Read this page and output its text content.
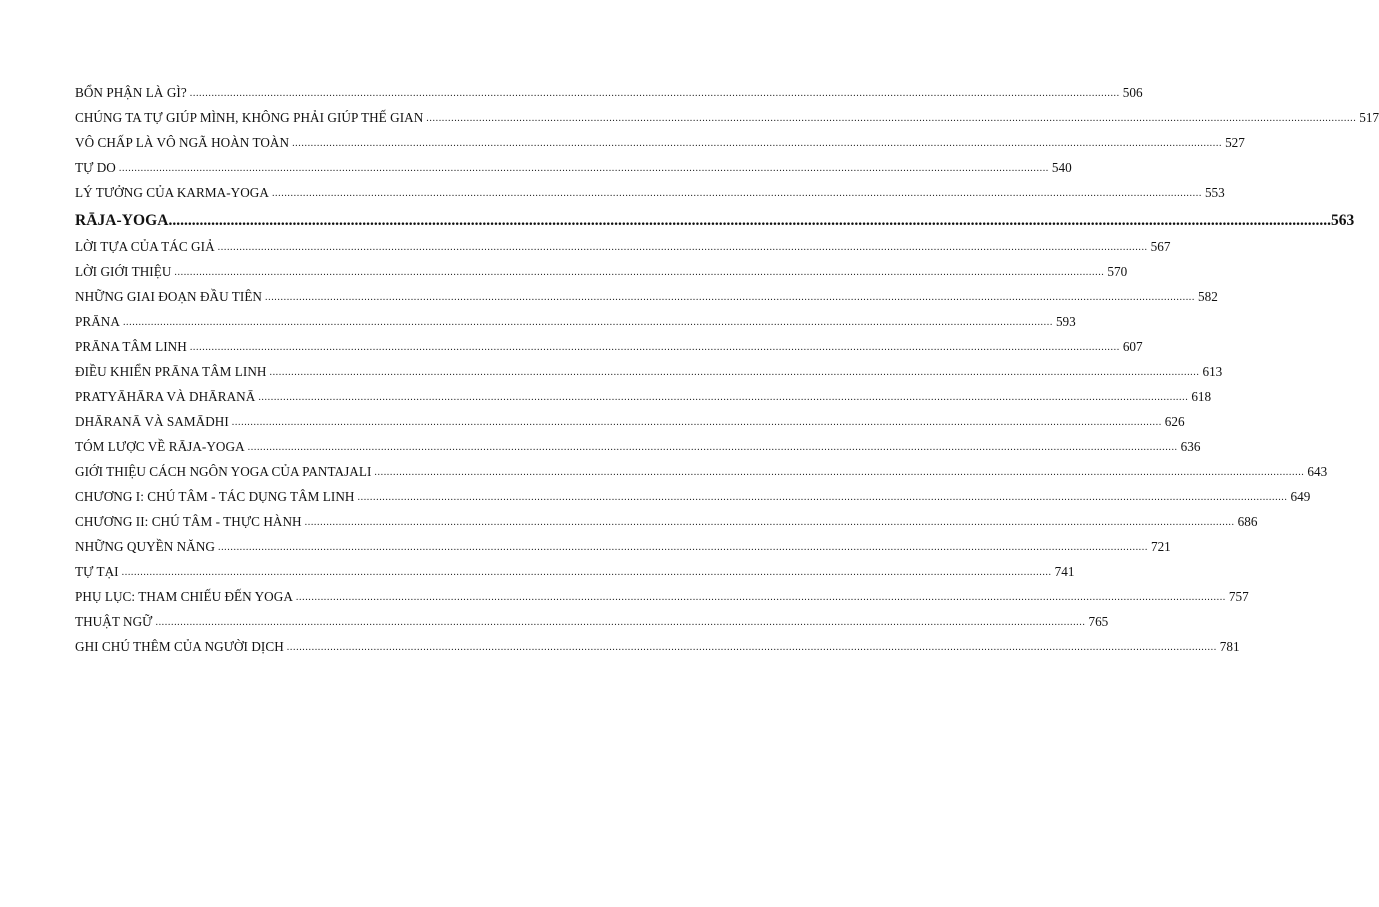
BỔN PHẬN LÀ GÌ? ............................................................................................................................................................................................................................................................................................................ 506
CHÚNG TA TỰ GIÚP MÌNH, KHÔNG PHẢI GIÚP THẾ GIAN ............................................................................................................................................................................................................................................................................................................ 517
VÔ CHẤP LÀ VÔ NGÃ HOÀN TOÀN ............................................................................................................................................................................................................................................................................................................ 527
TỰ DO ............................................................................................................................................................................................................................................................................................................ 540
LÝ TƯỞNG CỦA KARMA-YOGA ............................................................................................................................................................................................................................................................................................................ 553
RĀJA-YOGA ............................................................................................................................................................................................................................................................................................................ 563
LỜI TỰA CỦA TÁC GIẢ ............................................................................................................................................................................................................................................................................................................ 567
LỜI GIỚI THIỆU ............................................................................................................................................................................................................................................................................................................ 570
NHỮNG GIAI ĐOẠN ĐẦU TIÊN ............................................................................................................................................................................................................................................................................................................ 582
PRĀNA ............................................................................................................................................................................................................................................................................................................ 593
PRĀNA TÂM LINH ............................................................................................................................................................................................................................................................................................................ 607
ĐIỀU KHIỂN PRĀNA TÂM LINH ............................................................................................................................................................................................................................................................................................................ 613
PRATYĀHĀRA VÀ DHĀRANĀ ............................................................................................................................................................................................................................................................................................................ 618
DHĀRANĀ VÀ SAMĀDHI ............................................................................................................................................................................................................................................................................................................ 626
TÓM LƯỢC VỀ RĀJA-YOGA ............................................................................................................................................................................................................................................................................................................ 636
GIỚI THIỆU CÁCH NGÔN YOGA CỦA PANTAJALI ............................................................................................................................................................................................................................................................................................................ 643
CHƯƠNG I: CHÚ TÂM - TÁC DỤNG TÂM LINH ............................................................................................................................................................................................................................................................................................................ 649
CHƯƠNG II: CHÚ TÂM - THỰC HÀNH ............................................................................................................................................................................................................................................................................................................ 686
NHỮNG QUYỀN NĂNG ............................................................................................................................................................................................................................................................................................................ 721
TỰ TẠI ............................................................................................................................................................................................................................................................................................................ 741
PHỤ LỤC: THAM CHIẾU ĐẾN YOGA ............................................................................................................................................................................................................................................................................................................ 757
THUẬT NGỮ ............................................................................................................................................................................................................................................................................................................ 765
GHI CHÚ THÊM CỦA NGƯỜI DỊCH ............................................................................................................................................................................................................................................................................................................ 781
